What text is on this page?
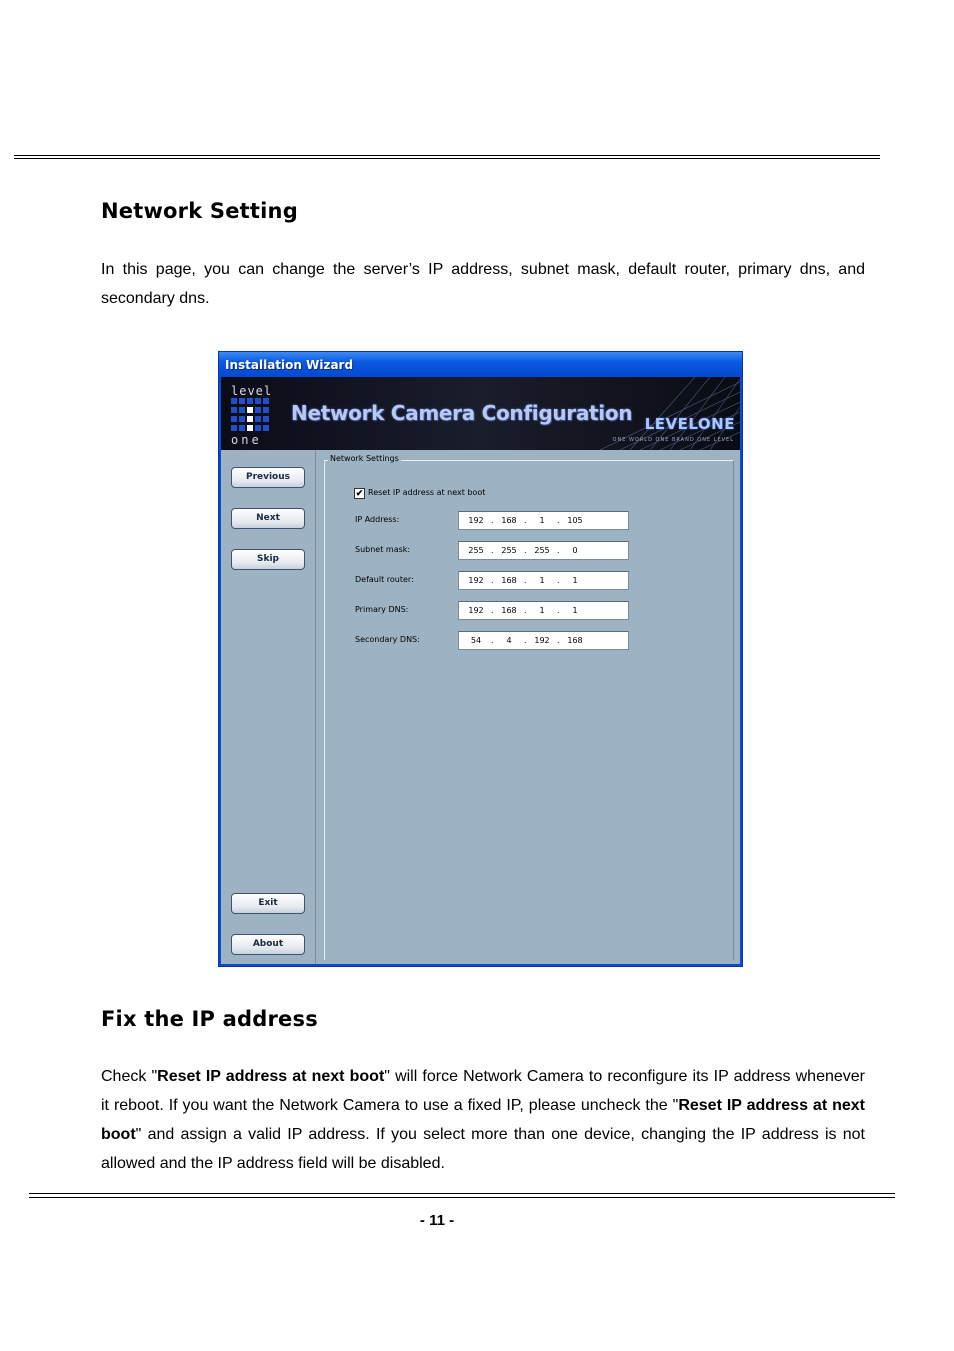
Network Setting
In this page, you can change the server’s IP address, subnet mask, default router, primary dns, and secondary dns.
Installation Wizard
level
one
Network Camera Configuration LEVELONE
ONE WORLD ONE BRAND ONE LEVEL
Previous
Next
Skip
Exit
About
Network Settings
✔ Reset IP address at next boot
IP Address:	192 . 168 .	1	. 105
Subnet mask:	255 . 255 . 255 .	0
Default router:	192 . 168 .	1	.	1
Primary DNS:	192 . 168 .	1	.	1
Secondary DNS:	54	.	4	. 192 . 168
Fix the IP address
Check "Reset IP address at next boot" will force Network Camera to reconfigure its IP address whenever it reboot. If you want the Network Camera to use a fixed IP, please uncheck the "Reset IP address at next boot" and assign a valid IP address. If you select more than one device, changing the IP address is not allowed and the IP address field will be disabled.
- 11 -
